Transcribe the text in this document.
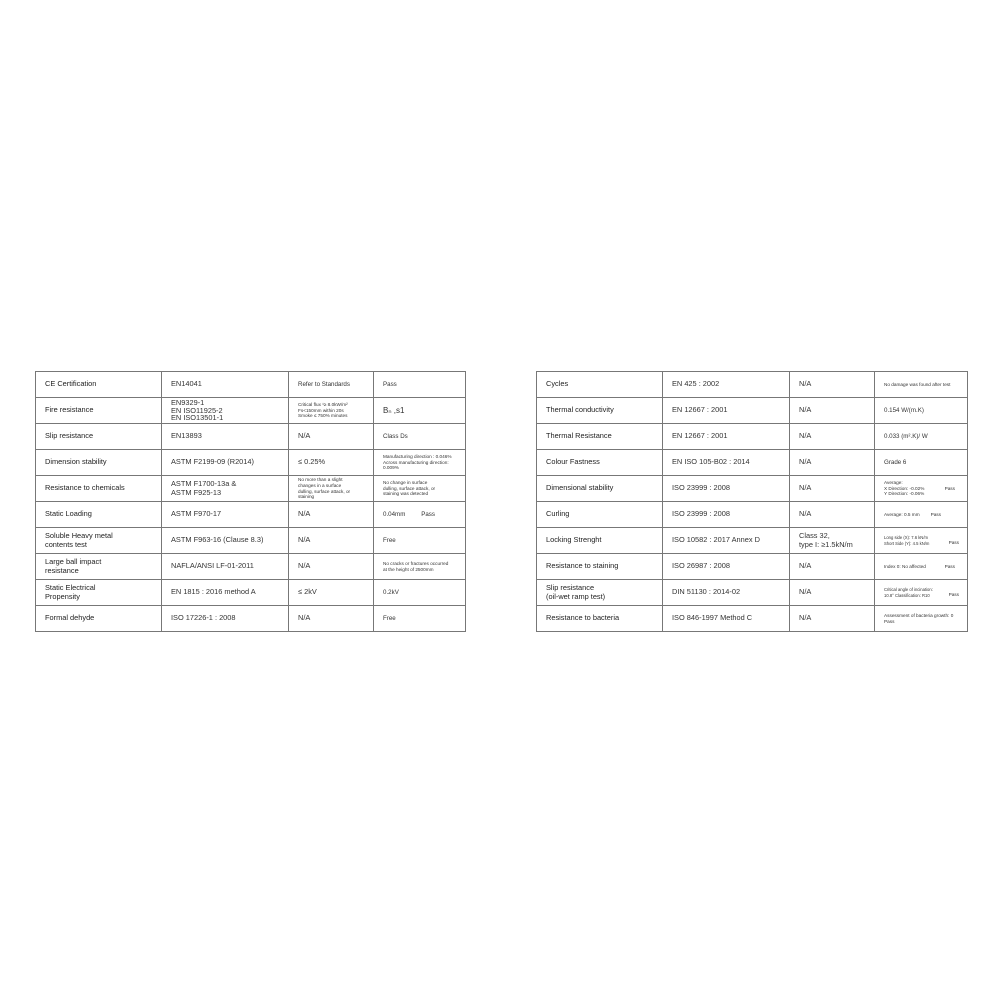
CE Certification	EN14041	Refer to Standards	Pass
Fire resistance	EN9329-1
EN ISO11925-2
EN ISO13501-1	Critical flux ¹≥ 8.0kW/m²
Fs<150mm within 20s
Smoke ≤ 750% minutes	Bₙ ,s1
Slip resistance	EN13893	N/A	Class Ds
Dimension stability	ASTM F2199-09 (R2014)	≤ 0.25%	Manufacturing direction : 0.046%
Across manufacturing direction:
0.009%

Resistance to chemicals	ASTM F1700-13a &
ASTM F925-13	No more than a slight
changes in a surface
dulling, surface attack, or
staining	No change in surface
dulling, surface attack, or
staining was detected

Static Loading	ASTM F970-17	N/A	0.04mm Pass

Soluble Heavy metal
contents test	ASTM F963-16 (Clause 8.3)	N/A	Free

Large ball impact
resistance	NAFLA/ANSI LF-01-2011	N/A	No cracks or fractures occurred
at the height of 2500mm

Static Electrical
Propensity	EN 1815 : 2016 method A	≤ 2kV	0.2kV
Formal dehyde	ISO 17226-1 : 2008	N/A	Free
Cycles	EN 425 : 2002	N/A	No damage was found after test
Thermal conductivity	EN 12667 : 2001	N/A	0.154 W/(m.K)
Thermal Resistance	EN 12667 : 2001	N/A	0.033 (m².K)/ W
Colour Fastness	EN ISO 105-B02 : 2014	N/A	Grade 6
Dimensional stability	ISO 23999 : 2008	N/A	Average:
X Direction: -0.02%
Y Direction: -0.06%
Pass

Curling	ISO 23999 : 2008	N/A	Average: 0.5 mm Pass

Locking Strenght	ISO 10582 : 2017 Annex D	Class 32,
type I: ≥1.5kN/m	Long side (X): 7.6 kN/m
Short Side (Y): 4.5 kN/m Pass

Resistance to staining	ISO 26987 : 2008	N/A	Index 0: No affected Pass

Slip resistance
(oil-wet ramp test)	DIN 51130 : 2014-02	N/A	Critical angle of incination:
10.8° Classification: R10 Pass

Resistance to bacteria	ISO 846-1997 Method C	N/A	Assessment of bacteria growth: 0
Pass
